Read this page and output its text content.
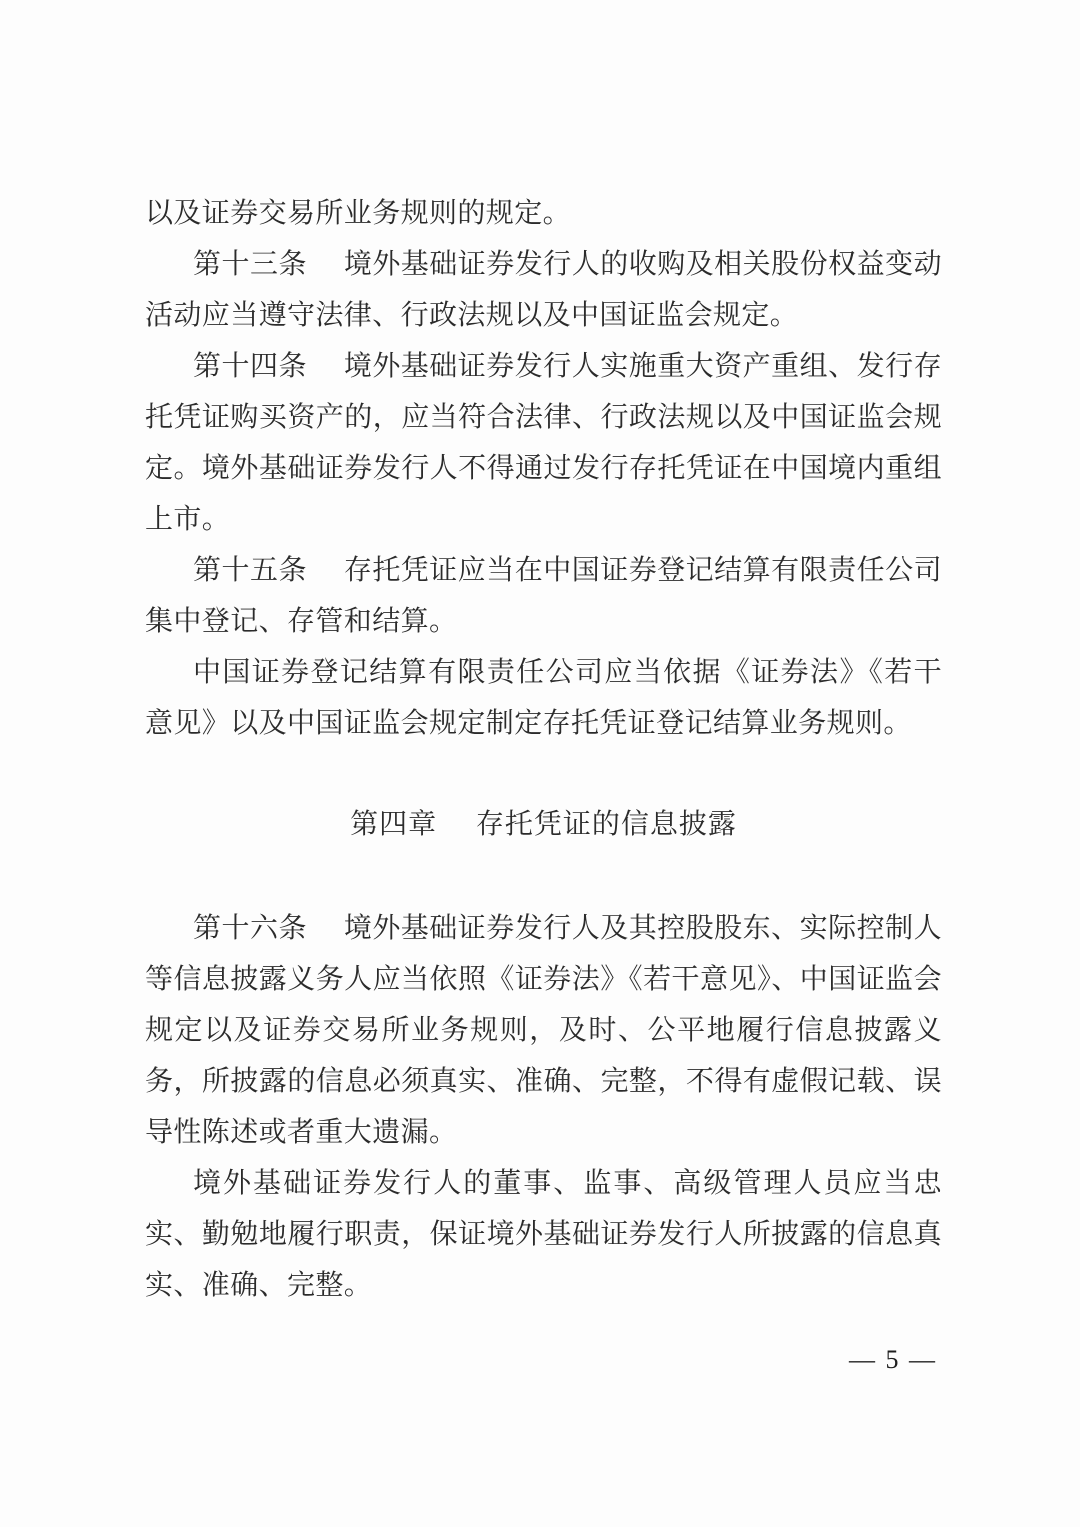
以及证券交易所业务规则的规定。

第十三条　境外基础证券发行人的收购及相关股份权益变动活动应当遵守法律、行政法规以及中国证监会规定。

第十四条　境外基础证券发行人实施重大资产重组、发行存托凭证购买资产的，应当符合法律、行政法规以及中国证监会规定。境外基础证券发行人不得通过发行存托凭证在中国境内重组上市。

第十五条　存托凭证应当在中国证券登记结算有限责任公司集中登记、存管和结算。

中国证券登记结算有限责任公司应当依据《证券法》《若干意见》以及中国证监会规定制定存托凭证登记结算业务规则。

第四章　存托凭证的信息披露

第十六条　境外基础证券发行人及其控股股东、实际控制人等信息披露义务人应当依照《证券法》《若干意见》、中国证监会规定以及证券交易所业务规则，及时、公平地履行信息披露义务，所披露的信息必须真实、准确、完整，不得有虚假记载、误导性陈述或者重大遗漏。

境外基础证券发行人的董事、监事、高级管理人员应当忠实、勤勉地履行职责，保证境外基础证券发行人所披露的信息真实、准确、完整。

— 5 —
